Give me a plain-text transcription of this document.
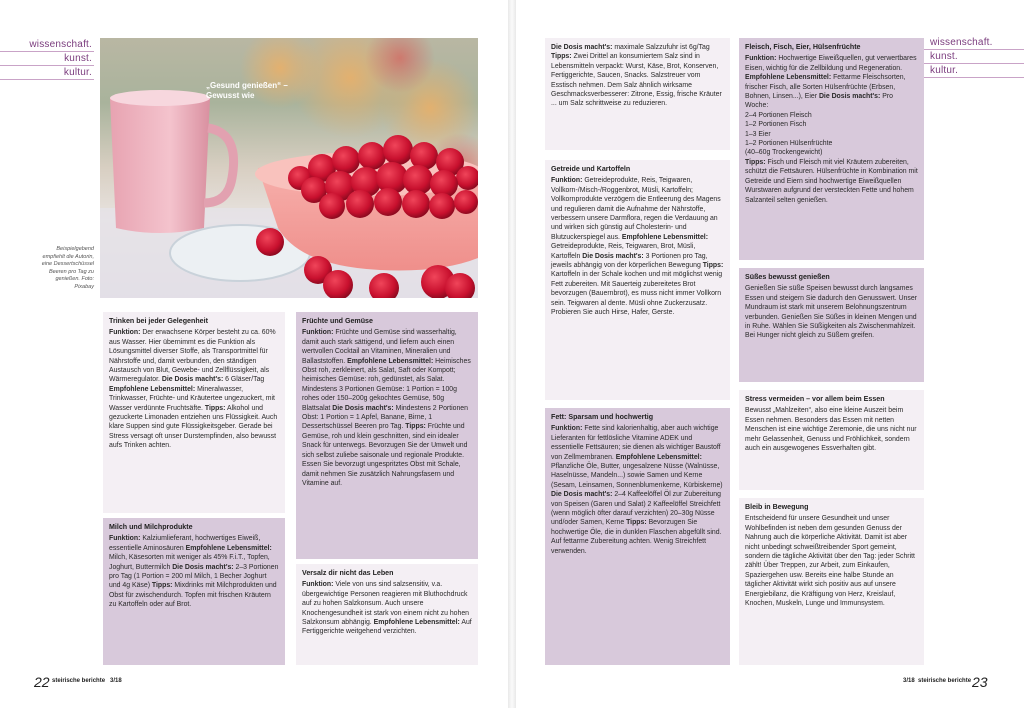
wissenschaft.
kunst.
kultur.
wissenschaft.
kunst.
kultur.
„Gesund genießen“ – Gewusst wie
Beispielgebend empfiehlt die Autorin, eine Dessertschüssel Beeren pro Tag zu genießen. Foto: Pixabay
Trinken bei jeder Gelegenheit

Funktion: Der erwachsene Körper besteht zu ca. 60% aus Wasser. Hier übernimmt es die Funktion als Lösungsmittel diverser Stoffe, als Transportmittel für Nährstoffe und, damit verbunden, den ständigen Austausch von Blut, Gewebe- und Zellflüssigkeit, als Wärmeregulator. Die Dosis macht's: 6 Gläser/Tag Empfohlene Lebensmittel: Mineralwasser, Trinkwasser, Früchte- und Kräutertee ungezuckert, mit Wasser verdünnte Fruchtsäfte. Tipps: Alkohol und gezuckerte Limonaden entziehen uns Flüssigkeit. Auch klare Suppen sind gute Flüssigkeitsgeber. Gerade bei Stress versagt oft unser Durstempfinden, also bewusst aufs Trinken achten.

Milch und Milchprodukte

Funktion: Kalziumlieferant, hochwertiges Eiweiß, essentielle Aminosäuren Empfohlene Lebensmittel: Milch, Käsesorten mit weniger als 45% F.i.T., Topfen, Joghurt, Buttermilch Die Dosis macht's: 2–3 Portionen pro Tag (1 Portion = 200 ml Milch, 1 Becher Joghurt und 4g Käse) Tipps: Mixdrinks mit Milchprodukten und Obst für zwischendurch. Topfen mit frischen Kräutern zu Kartoffeln oder auf Brot.

Früchte und Gemüse

Funktion: Früchte und Gemüse sind wasserhaltig, damit auch stark sättigend, und liefern auch einen wertvollen Cocktail an Vitaminen, Mineralien und Ballaststoffen. Empfohlene Lebensmittel: Heimisches Obst roh, zerkleinert, als Salat, Saft oder Kompott; heimisches Gemüse: roh, gedünstet, als Salat. Mindestens 3 Portionen Gemüse: 1 Portion = 100g rohes oder 150–200g gekochtes Gemüse, 50g Blattsalat Die Dosis macht's: Mindestens 2 Portionen Obst: 1 Portion = 1 Apfel, Banane, Birne, 1 Dessertschüssel Beeren pro Tag. Tipps: Früchte und Gemüse, roh und klein geschnitten, sind ein idealer Snack für unterwegs. Bevorzugen Sie der Umwelt und sich selbst zuliebe saisonale und regionale Produkte. Essen Sie bevorzugt ungespritztes Obst mit Schale, damit nehmen Sie zusätzlich Nahrungsfasern und Vitamine auf.

Versalz dir nicht das Leben

Funktion: Viele von uns sind salzsensitiv, v.a. übergewichtige Personen reagieren mit Bluthochdruck auf zu hohen Salzkonsum. Auch unsere Knochengesundheit ist stark von einem nicht zu hohen Salzkonsum abhängig. Empfohlene Lebensmittel: Auf Fertiggerichte weitgehend verzichten.

Die Dosis macht's: maximale Salzzufuhr ist 6g/Tag Tipps: Zwei Drittel an konsumiertem Salz sind in Lebensmitteln verpackt: Wurst, Käse, Brot, Konserven, Fertiggerichte, Saucen, Snacks. Salzstreuer vom Esstisch nehmen. Dem Salz ähnlich wirksame Geschmacksverbesserer: Zitrone, Essig, frische Kräuter ... um Salz schrittweise zu reduzieren.

Getreide und Kartoffeln

Funktion: Getreideprodukte, Reis, Teigwaren, Vollkorn-/Misch-/Roggenbrot, Müsli, Kartoffeln; Vollkornprodukte verzögern die Entleerung des Magens und regulieren damit die Aufnahme der Nährstoffe, verbessern unsere Darmflora, regen die Verdauung an und wirken sich günstig auf Cholesterin- und Blutzuckerspiegel aus. Empfohlene Lebensmittel: Getreideprodukte, Reis, Teigwaren, Brot, Müsli, Kartoffeln Die Dosis macht's: 3 Portionen pro Tag, jeweils abhängig von der körperlichen Bewegung Tipps: Kartoffeln in der Schale kochen und mit möglichst wenig Fett zubereiten. Mit Sauerteig zubereitetes Brot bevorzugen (Bauernbrot), es muss nicht immer Vollkorn sein. Teigwaren al dente. Müsli ohne Zuckerzusatz. Probieren Sie auch Hirse, Hafer, Gerste.

Fett: Sparsam und hochwertig

Funktion: Fette sind kalorienhaltig, aber auch wichtige Lieferanten für fettlösliche Vitamine ADEK und essentielle Fettsäuren; sie dienen als wichtiger Baustoff von Zellmembranen. Empfohlene Lebensmittel: Pflanzliche Öle, Butter, ungesalzene Nüsse (Walnüsse, Haselnüsse, Mandeln...) sowie Samen und Kerne (Sesam, Leinsamen, Sonnenblumenkerne, Kürbiskerne) Die Dosis macht's: 2–4 Kaffeelöffel Öl zur Zubereitung von Speisen (Garen und Salat) 2 Kaffeelöffel Streichfett (wenn möglich öfter darauf verzichten) 20–30g Nüsse und/oder Samen, Kerne Tipps: Bevorzugen Sie hochwertige Öle, die in dunklen Flaschen abgefüllt sind. Auf fettarme Zubereitung achten. Wenig Streichfett verwenden.

Fleisch, Fisch, Eier, Hülsenfrüchte

Funktion: Hochwertige Eiweißquellen, gut verwertbares Eisen, wichtig für die Zellbildung und Regeneration. Empfohlene Lebensmittel: Fettarme Fleischsorten, frischer Fisch, alle Sorten Hülsenfrüchte (Erbsen, Bohnen, Linsen...), Eier Die Dosis macht's: Pro Woche:

2–4 Portionen Fleisch
1–2 Portionen Fisch
1–3 Eier
1–2 Portionen Hülsenfrüchte
(40–60g Trockengewicht)

Tipps: Fisch und Fleisch mit viel Kräutern zubereiten, schützt die Fettsäuren. Hülsenfrüchte in Kombination mit Getreide und Eiern sind hochwertige Eiweißquellen Wurstwaren aufgrund der versteckten Fette und hohem Salzanteil selten genießen.

Süßes bewusst genießen

Genießen Sie süße Speisen bewusst durch langsames Essen und steigern Sie dadurch den Genusswert. Unser Mundraum ist stark mit unserem Belohnungszentrum verbunden. Genießen Sie Süßes in kleinen Mengen und in Ruhe. Wählen Sie Süßigkeiten als Zwischenmahlzeit. Bei Hunger nicht gleich zu Süßem greifen.

Stress vermeiden – vor allem beim Essen

Bewusst „Mahlzeiten“, also eine kleine Auszeit beim Essen nehmen. Besonders das Essen mit netten Menschen ist eine wichtige Zeremonie, die uns nicht nur mehr Gelassenheit, Genuss und Fröhlichkeit, sondern auch ein ausgewogenes Essverhalten gibt.

Bleib in Bewegung

Entscheidend für unsere Gesundheit und unser Wohlbefinden ist neben dem gesunden Genuss der Nahrung auch die körperliche Aktivität. Damit ist aber nicht unbedingt schweißtreibender Sport gemeint, sondern die tägliche Aktivität über den Tag: jeder Schritt zählt! Über Treppen, zur Arbeit, zum Einkaufen, Spaziergehen usw. Bereits eine halbe Stunde an täglicher Aktivität wirkt sich positiv aus auf unsere Energiebilanz, die Kräftigung von Herz, Kreislauf, Knochen, Muskeln, Lunge und Immunsystem.

22 steirische berichte 3/18	3/18 steirische berichte 23
